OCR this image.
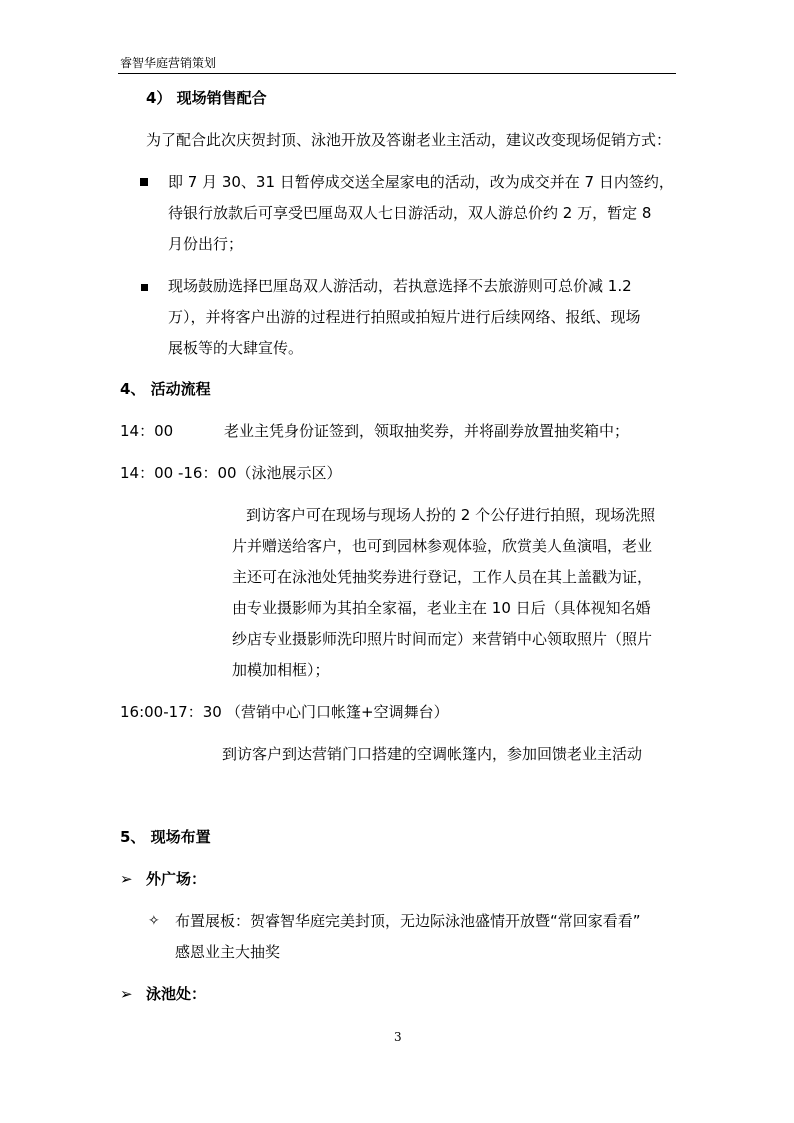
睿智华庭营销策划
4） 现场销售配合
为了配合此次庆贺封顶、泳池开放及答谢老业主活动，建议改变现场促销方式：
即 7 月 30、31 日暂停成交送全屋家电的活动，改为成交并在 7 日内签约，
待银行放款后可享受巴厘岛双人七日游活动，双人游总价约 2 万，暂定 8
月份出行；
现场鼓励选择巴厘岛双人游活动，若执意选择不去旅游则可总价减 1.2
万），并将客户出游的过程进行拍照或拍短片进行后续网络、报纸、现场
展板等的大肆宣传。
4、 活动流程
14：00	老业主凭身份证签到，领取抽奖券，并将副券放置抽奖箱中；
14：00 -16：00（泳池展示区）
到访客户可在现场与现场人扮的 2 个公仔进行拍照，现场洗照
片并赠送给客户，也可到园林参观体验，欣赏美人鱼演唱，老业
主还可在泳池处凭抽奖券进行登记，工作人员在其上盖戳为证，
由专业摄影师为其拍全家福，老业主在 10 日后（具体视知名婚
纱店专业摄影师洗印照片时间而定）来营销中心领取照片（照片
加模加相框）；
16:00-17：30 （营销中心门口帐篷+空调舞台）
到访客户到达营销门口搭建的空调帐篷内，参加回馈老业主活动
5、 现场布置
➢ 外广场：
✧ 布置展板：贺睿智华庭完美封顶，无边际泳池盛情开放暨“常回家看看”
感恩业主大抽奖
➢ 泳池处：
3
